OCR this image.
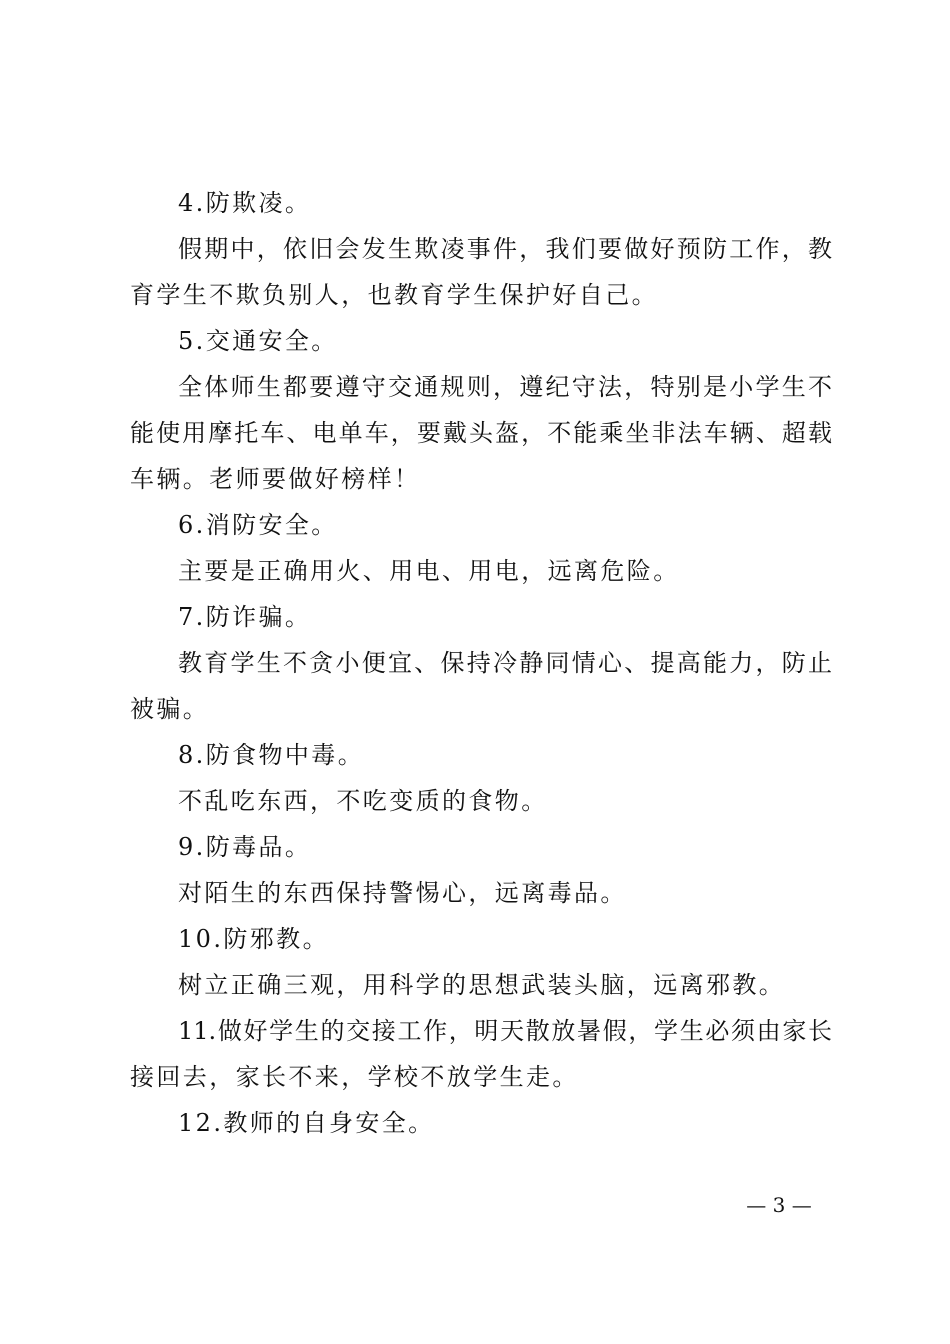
4.防欺凌。
假期中，依旧会发生欺凌事件，我们要做好预防工作，教
育学生不欺负别人，也教育学生保护好自己。
5.交通安全。
全体师生都要遵守交通规则，遵纪守法，特别是小学生不
能使用摩托车、电单车，要戴头盔，不能乘坐非法车辆、超载
车辆。老师要做好榜样！
6.消防安全。
主要是正确用火、用电、用电，远离危险。
7.防诈骗。
教育学生不贪小便宜、保持冷静同情心、提高能力，防止
被骗。
8.防食物中毒。
不乱吃东西，不吃变质的食物。
9.防毒品。
对陌生的东西保持警惕心，远离毒品。
10.防邪教。
树立正确三观，用科学的思想武装头脑，远离邪教。
11.做好学生的交接工作，明天散放暑假，学生必须由家长
接回去，家长不来，学校不放学生走。
12.教师的自身安全。
— 3 —
